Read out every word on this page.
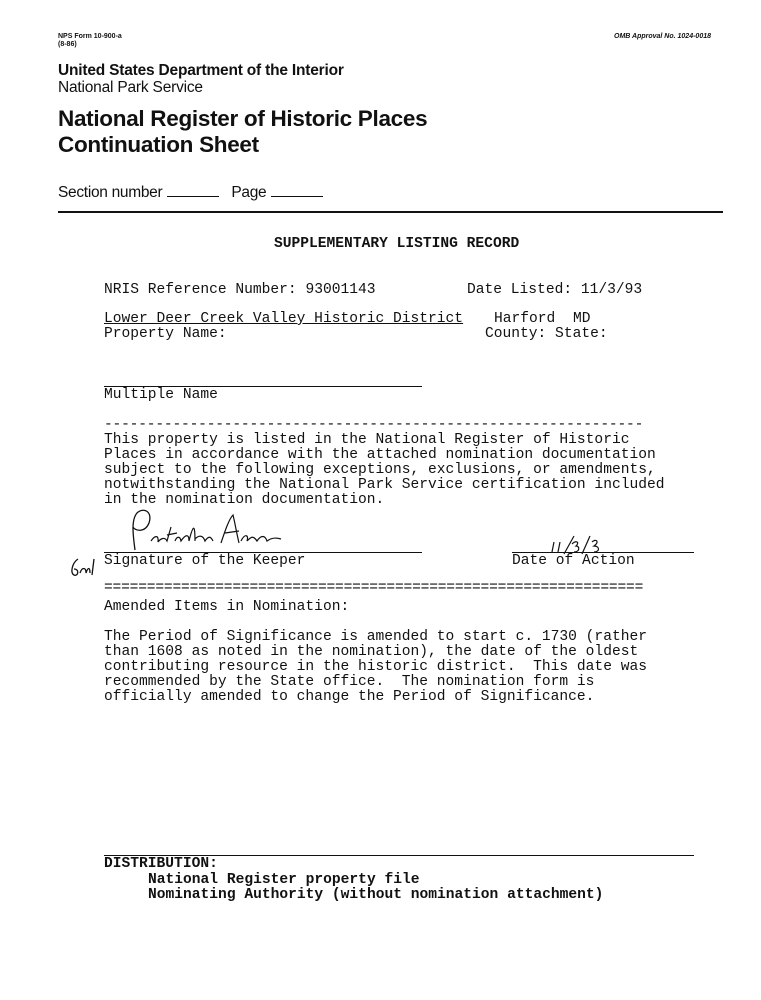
NPS Form 10-900-a
(8-86)
OMB Approval No. 1024-0018
United States Department of the Interior
National Park Service
National Register of Historic Places
Continuation Sheet
Section number	Page
SUPPLEMENTARY LISTING RECORD
NRIS Reference Number: 93001143	Date Listed: 11/3/93
Lower Deer Creek Valley Historic District Harford MD
Property Name:	County: State:
Multiple Name
---------------------------------------------------------------
This property is listed in the National Register of Historic
Places in accordance with the attached nomination documentation
subject to the following exceptions, exclusions, or amendments,
notwithstanding the National Park Service certification included
in the nomination documentation.
Signature of the Keeper	Date of Action
===============================================================
Amended Items in Nomination:
The Period of Significance is amended to start c. 1730 (rather
than 1608 as noted in the nomination), the date of the oldest
contributing resource in the historic district.  This date was
recommended by the State office.  The nomination form is
officially amended to change the Period of Significance.
DISTRIBUTION:
National Register property file
Nominating Authority (without nomination attachment)
